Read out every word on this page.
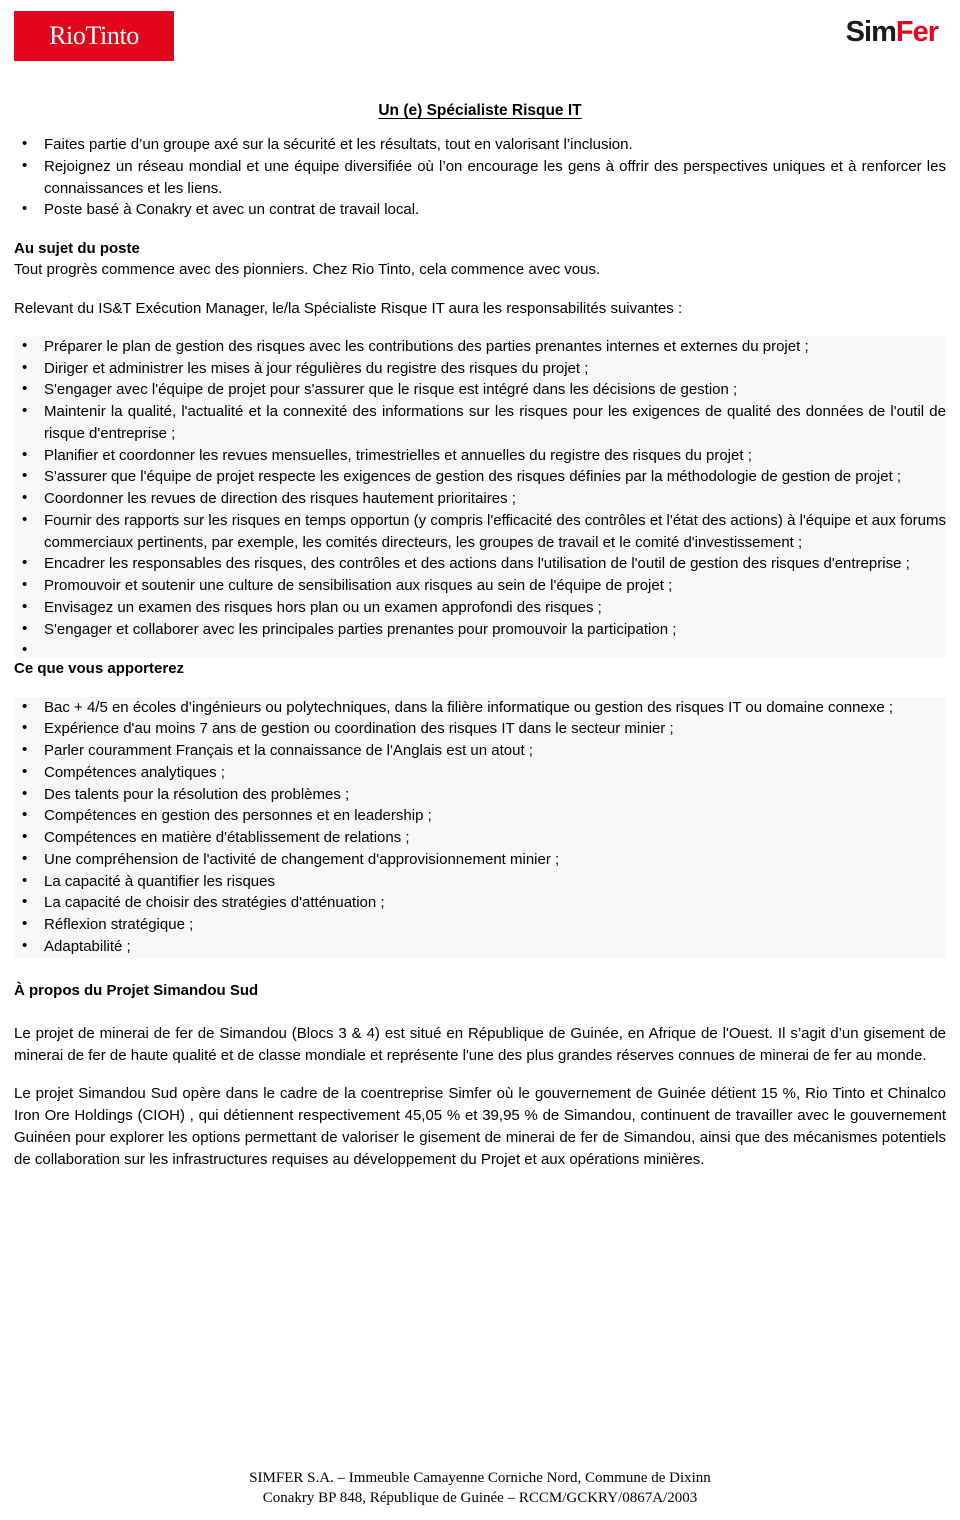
RioTinto	SimFer
Un (e) Spécialiste Risque IT
• Faites partie d’un groupe axé sur la sécurité et les résultats, tout en valorisant l’inclusion.
• Rejoignez un réseau mondial et une équipe diversifiée où l’on encourage les gens à offrir des perspectives uniques et à renforcer les connaissances et les liens.
• Poste basé à Conakry et avec un contrat de travail local.
Au sujet du poste

Tout progrès commence avec des pionniers. Chez Rio Tinto, cela commence avec vous.

Relevant du IS&T Exécution Manager, le/la Spécialiste Risque IT aura les responsabilités suivantes :

• Préparer le plan de gestion des risques avec les contributions des parties prenantes internes et externes du projet ;
• Diriger et administrer les mises à jour régulières du registre des risques du projet ;
• S'engager avec l'équipe de projet pour s'assurer que le risque est intégré dans les décisions de gestion ;
• Maintenir la qualité, l'actualité et la connexité des informations sur les risques pour les exigences de qualité des données de l'outil de risque d'entreprise ;
• Planifier et coordonner les revues mensuelles, trimestrielles et annuelles du registre des risques du projet ;
• S'assurer que l'équipe de projet respecte les exigences de gestion des risques définies par la méthodologie de gestion de projet ;
• Coordonner les revues de direction des risques hautement prioritaires ;
• Fournir des rapports sur les risques en temps opportun (y compris l'efficacité des contrôles et l'état des actions) à l'équipe et aux forums commerciaux pertinents, par exemple, les comités directeurs, les groupes de travail et le comité d'investissement ;
• Encadrer les responsables des risques, des contrôles et des actions dans l'utilisation de l'outil de gestion des risques d'entreprise ;
• Promouvoir et soutenir une culture de sensibilisation aux risques au sein de l'équipe de projet ;
• Envisagez un examen des risques hors plan ou un examen approfondi des risques ;
• S'engager et collaborer avec les principales parties prenantes pour promouvoir la participation ;
•
Ce que vous apporterez
• Bac + 4/5 en écoles d’ingénieurs ou polytechniques, dans la filière informatique ou gestion des risques IT ou domaine connexe ;
• Expérience d'au moins 7 ans de gestion ou coordination des risques IT dans le secteur minier ;
• Parler couramment Français et la connaissance de l'Anglais est un atout ;
• Compétences analytiques ;
• Des talents pour la résolution des problèmes ;
• Compétences en gestion des personnes et en leadership ;
• Compétences en matière d'établissement de relations ;
• Une compréhension de l'activité de changement d'approvisionnement minier ;
• La capacité à quantifier les risques
• La capacité de choisir des stratégies d'atténuation ;
• Réflexion stratégique ;
• Adaptabilité ;
À propos du Projet Simandou Sud

Le projet de minerai de fer de Simandou (Blocs 3 & 4) est situé en République de Guinée, en Afrique de l'Ouest. Il s’agit d’un gisement de minerai de fer de haute qualité et de classe mondiale et représente l'une des plus grandes réserves connues de minerai de fer au monde.

Le projet Simandou Sud opère dans le cadre de la coentreprise Simfer où le gouvernement de Guinée détient 15 %, Rio Tinto et Chinalco Iron Ore Holdings (CIOH) , qui détiennent respectivement 45,05 % et 39,95 % de Simandou, continuent de travailler avec le gouvernement Guinéen pour explorer les options permettant de valoriser le gisement de minerai de fer de Simandou, ainsi que des mécanismes potentiels de collaboration sur les infrastructures requises au développement du Projet et aux opérations minières.

SIMFER S.A. – Immeuble Camayenne Corniche Nord, Commune de Dixinn
Conakry BP 848, République de Guinée – RCCM/GCKRY/0867A/2003
